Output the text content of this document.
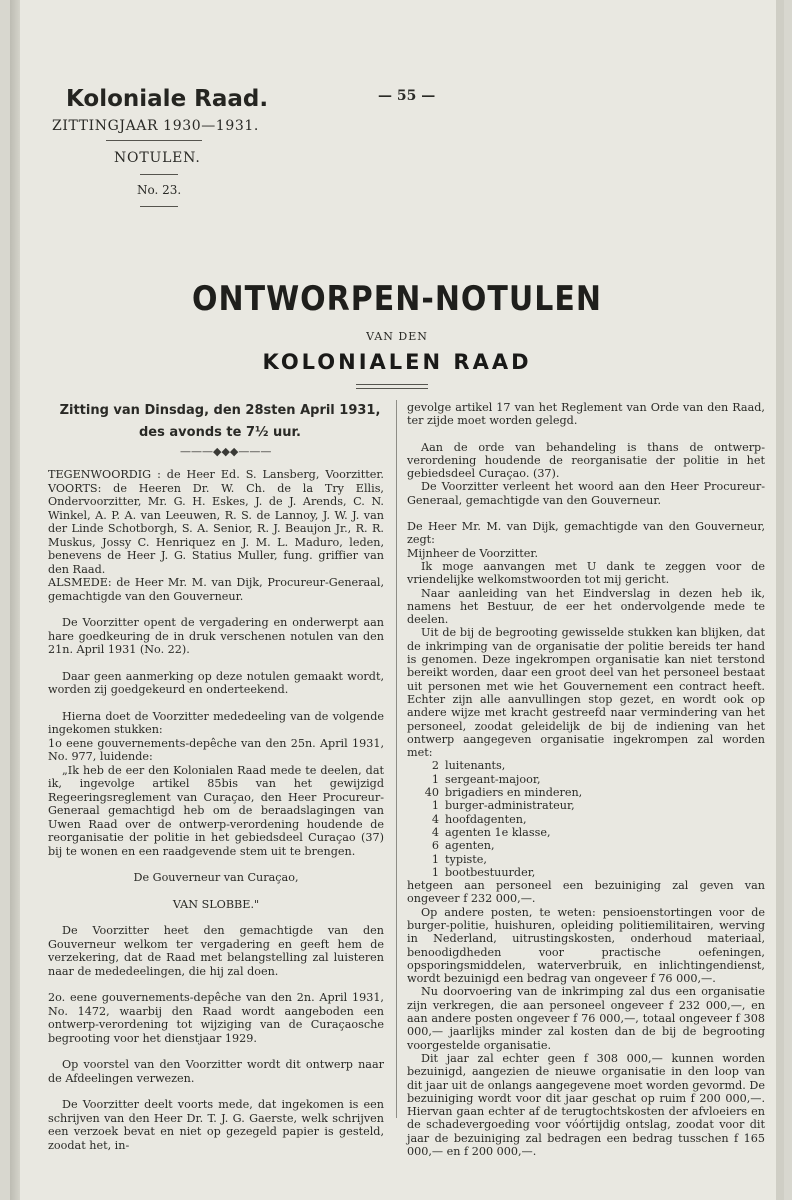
Koloniale Raad.
ZITTINGJAAR 1930—1931.
NOTULEN.
No. 23.
— 55 —
ONTWORPEN-NOTULEN
VAN DEN
KOLONIALEN RAAD
Zitting van Dinsdag, den 28sten April 1931,
des avonds te 7½ uur.
———◆◆◆———

TEGENWOORDIG : de Heer Ed. S. Lansberg, Voorzitter. VOORTS: de Heeren Dr. W. Ch. de la Try Ellis, Ondervoorzitter, Mr. G. H. Eskes, J. de J. Arends, C. N. Winkel, A. P. A. van Leeuwen, R. S. de Lannoy, J. W. J. van der Linde Schotborgh, S. A. Senior, R. J. Beaujon Jr., R. R. Muskus, Jossy C. Henriquez en J. M. L. Maduro, leden, benevens de Heer J. G. Statius Muller, fung. griffier van den Raad.

ALSMEDE: de Heer Mr. M. van Dijk, Procureur-Generaal, gemachtigde van den Gouverneur.

De Voorzitter opent de vergadering en onderwerpt aan hare goedkeuring de in druk verschenen notulen van den 21n. April 1931 (No. 22).

Daar geen aanmerking op deze notulen gemaakt wordt, worden zij goedgekeurd en onderteekend.

Hierna doet de Voorzitter mededeeling van de volgende ingekomen stukken:

1o eene gouvernements-depêche van den 25n. April 1931, No. 977, luidende:

„Ik heb de eer den Kolonialen Raad mede te deelen, dat ik, ingevolge artikel 85bis van het gewijzigd Regeeringsreglement van Curaçao, den Heer Procureur-Generaal gemachtigd heb om de beraadslagingen van Uwen Raad over de ontwerp-verordening houdende de reorganisatie der politie in het gebiedsdeel Curaçao (37) bij te wonen en een raadgevende stem uit te brengen.

De Gouverneur van Curaçao,

VAN SLOBBE."

De Voorzitter heet den gemachtigde van den Gouverneur welkom ter vergadering en geeft hem de verzekering, dat de Raad met belangstelling zal luisteren naar de mededeelingen, die hij zal doen.

2o. eene gouvernements-depêche van den 2n. April 1931, No. 1472, waarbij den Raad wordt aangeboden een ontwerp-verordening tot wijziging van de Curaçaosche begrooting voor het dienstjaar 1929.

Op voorstel van den Voorzitter wordt dit ontwerp naar de Afdeelingen verwezen.

De Voorzitter deelt voorts mede, dat ingekomen is een schrijven van den Heer Dr. T. J. G. Gaerste, welk schrijven een verzoek bevat en niet op gezegeld papier is gesteld, zoodat het, in-

gevolge artikel 17 van het Reglement van Orde van den Raad, ter zijde moet worden gelegd.

Aan de orde van behandeling is thans de ontwerp-verordening houdende de reorganisatie der politie in het gebiedsdeel Curaçao. (37).

De Voorzitter verleent het woord aan den Heer Procureur-Generaal, gemachtigde van den Gouverneur.

De Heer Mr. M. van Dijk, gemachtigde van den Gouverneur, zegt:

Mijnheer de Voorzitter.

Ik moge aanvangen met U dank te zeggen voor de vriendelijke welkomstwoorden tot mij gericht.

Naar aanleiding van het Eindverslag in dezen heb ik, namens het Bestuur, de eer het ondervolgende mede te deelen.

Uit de bij de begrooting gewisselde stukken kan blijken, dat de inkrimping van de organisatie der politie bereids ter hand is genomen. Deze ingekrompen organisatie kan niet terstond bereikt worden, daar een groot deel van het personeel bestaat uit personen met wie het Gouvernement een contract heeft. Echter zijn alle aanvullingen stop gezet, en wordt ook op andere wijze met kracht gestreefd naar vermindering van het personeel, zoodat geleidelijk de bij de indiening van het ontwerp aangegeven organisatie ingekrompen zal worden met:

2 luitenants,
1 sergeant-majoor,
40 brigadiers en minderen,
1 burger-administrateur,
4 hoofdagenten,
4 agenten 1e klasse,
6 agenten,
1 typiste,
1 bootbestuurder,

hetgeen aan personeel een bezuiniging zal geven van ongeveer f 232 000,—.

Op andere posten, te weten: pensioenstortingen voor de burger-politie, huishuren, opleiding politiemilitairen, werving in Nederland, uitrustingskosten, onderhoud materiaal, benoodigdheden voor practische oefeningen, opsporingsmiddelen, waterverbruik, en inlichtingendienst, wordt bezuinigd een bedrag van ongeveer f 76 000,—.

Nu doorvoering van de inkrimping zal dus een organisatie zijn verkregen, die aan personeel ongeveer f 232 000,—, en aan andere posten ongeveer f 76 000,—, totaal ongeveer f 308 000,— jaarlijks minder zal kosten dan de bij de begrooting voorgestelde organisatie.

Dit jaar zal echter geen f 308 000,— kunnen worden bezuinigd, aangezien de nieuwe organisatie in den loop van dit jaar uit de onlangs aangegevene moet worden gevormd. De bezuiniging wordt voor dit jaar geschat op ruim f 200 000,—. Hiervan gaan echter af de terugtochtskosten der afvloeiers en de schadevergoeding voor vóórtijdig ontslag, zoodat voor dit jaar de bezuiniging zal bedragen een bedrag tusschen f 165 000,— en f 200 000,—.
